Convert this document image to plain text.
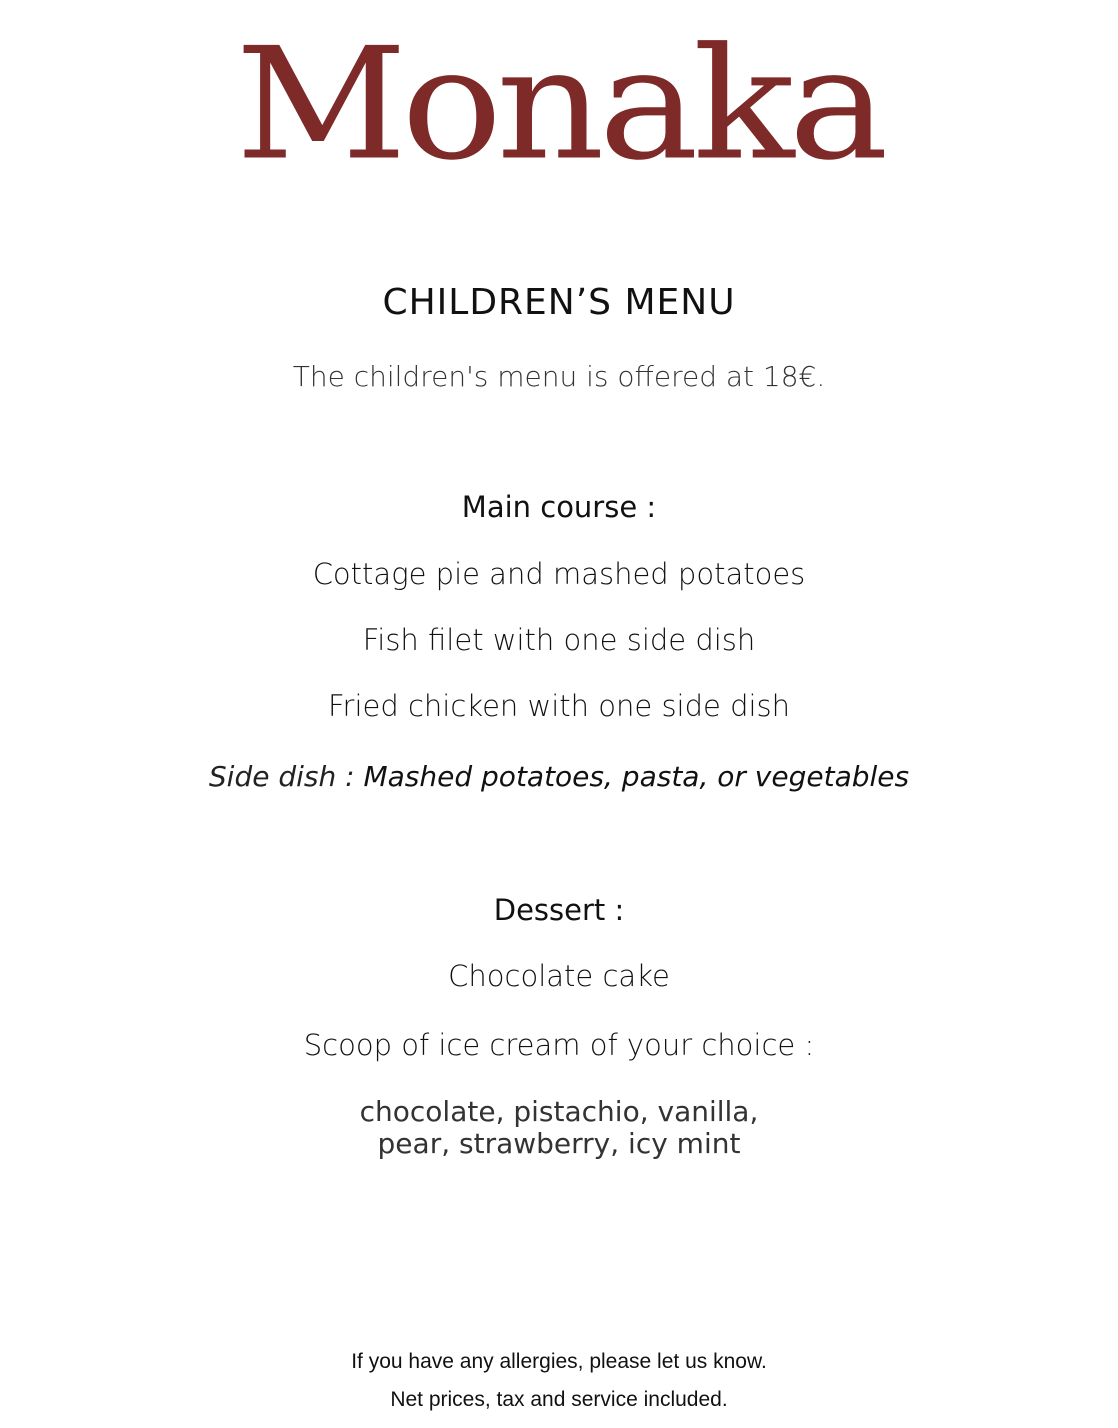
Monaka
CHILDREN’S MENU
The children's menu is offered at 18€.
Main course :
Cottage pie and mashed potatoes
Fish filet with one side dish
Fried chicken with one side dish
Side dish : Mashed potatoes, pasta, or vegetables
Dessert :
Chocolate cake
Scoop of ice cream of your choice :
chocolate, pistachio, vanilla,
pear, strawberry, icy mint
If you have any allergies, please let us know.
Net prices, tax and service included.
